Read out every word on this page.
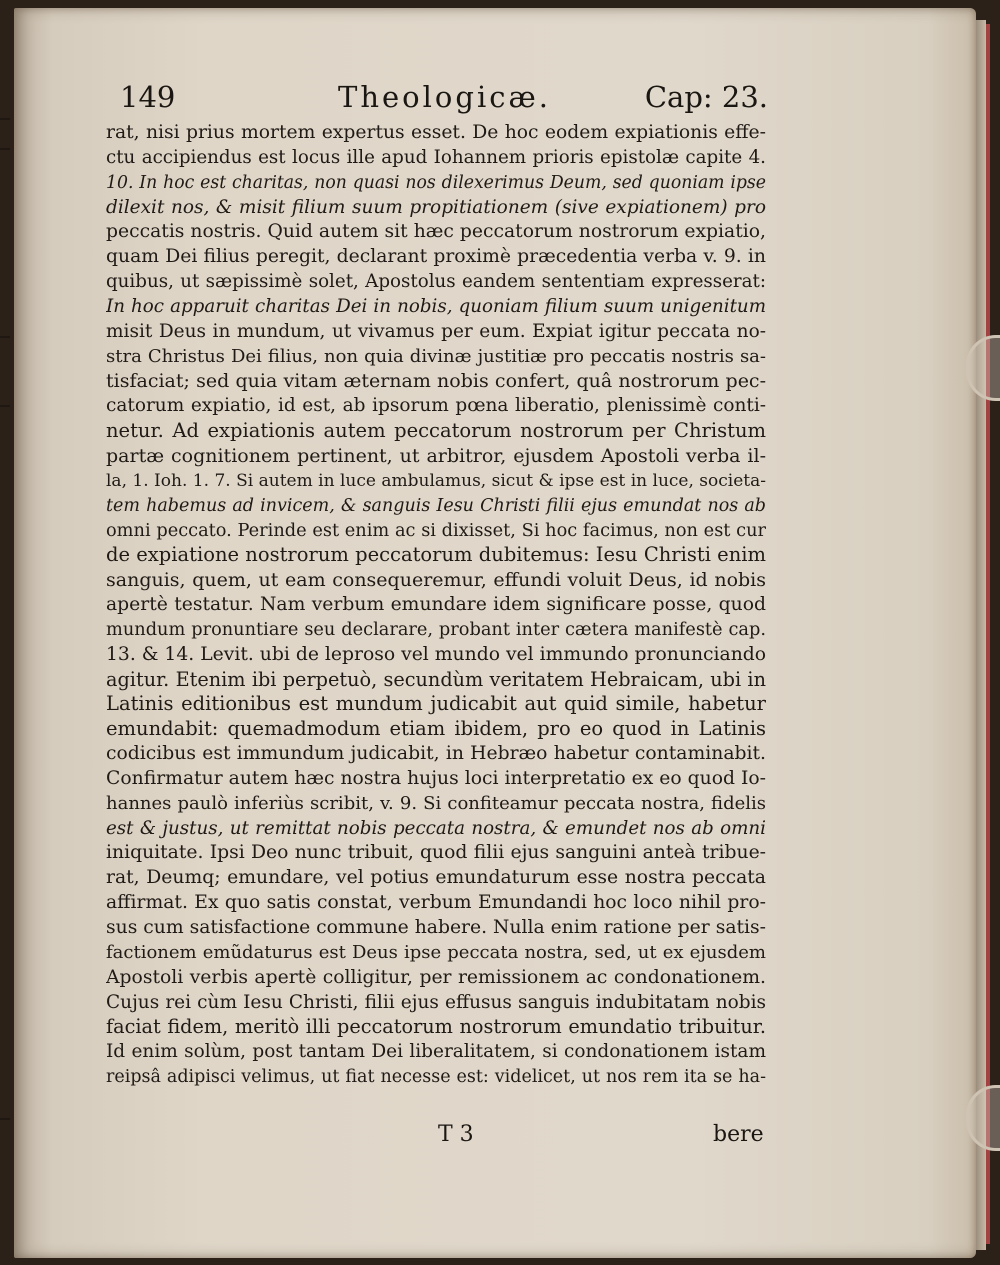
149	Theologicæ.	Cap: 23.
rat, nisi prius mortem expertus esset. De hoc eodem expiationis effe-
ctu accipiendus est locus ille apud Iohannem prioris epistolæ capite 4.
10. In hoc est charitas, non quasi nos dilexerimus Deum, sed quoniam ipse
dilexit nos, & misit filium suum propitiationem (sive expiationem) pro
peccatis nostris. Quid autem sit hæc peccatorum nostrorum expiatio,
quam Dei filius peregit, declarant proximè præcedentia verba v. 9. in
quibus, ut sæpissimè solet, Apostolus eandem sententiam expresserat:
In hoc apparuit charitas Dei in nobis, quoniam filium suum unigenitum
misit Deus in mundum, ut vivamus per eum. Expiat igitur peccata no-
stra Christus Dei filius, non quia divinæ justitiæ pro peccatis nostris sa-
tisfaciat; sed quia vitam æternam nobis confert, quâ nostrorum pec-
catorum expiatio, id est, ab ipsorum pœna liberatio, plenissimè conti-
netur. Ad expiationis autem peccatorum nostrorum per Christum
partæ cognitionem pertinent, ut arbitror, ejusdem Apostoli verba il-
la, 1. Ioh. 1. 7. Si autem in luce ambulamus, sicut & ipse est in luce, societa-
tem habemus ad invicem, & sanguis Iesu Christi filii ejus emundat nos ab
omni peccato. Perinde est enim ac si dixisset, Si hoc facimus, non est cur
de expiatione nostrorum peccatorum dubitemus: Iesu Christi enim
sanguis, quem, ut eam consequeremur, effundi voluit Deus, id nobis
apertè testatur. Nam verbum emundare idem significare posse, quod
mundum pronuntiare seu declarare, probant inter cætera manifestè cap.
13. & 14. Levit. ubi de leproso vel mundo vel immundo pronunciando
agitur. Etenim ibi perpetuò, secundùm veritatem Hebraicam, ubi in
Latinis editionibus est mundum judicabit aut quid simile, habetur
emundabit: quemadmodum etiam ibidem, pro eo quod in Latinis
codicibus est immundum judicabit, in Hebræo habetur contaminabit.
Confirmatur autem hæc nostra hujus loci interpretatio ex eo quod Io-
hannes paulò inferiùs scribit, v. 9. Si confiteamur peccata nostra, fidelis
est & justus, ut remittat nobis peccata nostra, & emundet nos ab omni
iniquitate. Ipsi Deo nunc tribuit, quod filii ejus sanguini anteà tribue-
rat, Deumq; emundare, vel potius emundaturum esse nostra peccata
affirmat. Ex quo satis constat, verbum Emundandi hoc loco nihil pro-
sus cum satisfactione commune habere. Nulla enim ratione per satis-
factionem emũdaturus est Deus ipse peccata nostra, sed, ut ex ejusdem
Apostoli verbis apertè colligitur, per remissionem ac condonationem.
Cujus rei cùm Iesu Christi, filii ejus effusus sanguis indubitatam nobis
faciat fidem, meritò illi peccatorum nostrorum emundatio tribuitur.
Id enim solùm, post tantam Dei liberalitatem, si condonationem istam
reipsâ adipisci velimus, ut fiat necesse est: videlicet, ut nos rem ita se ha-
T 3	bere
